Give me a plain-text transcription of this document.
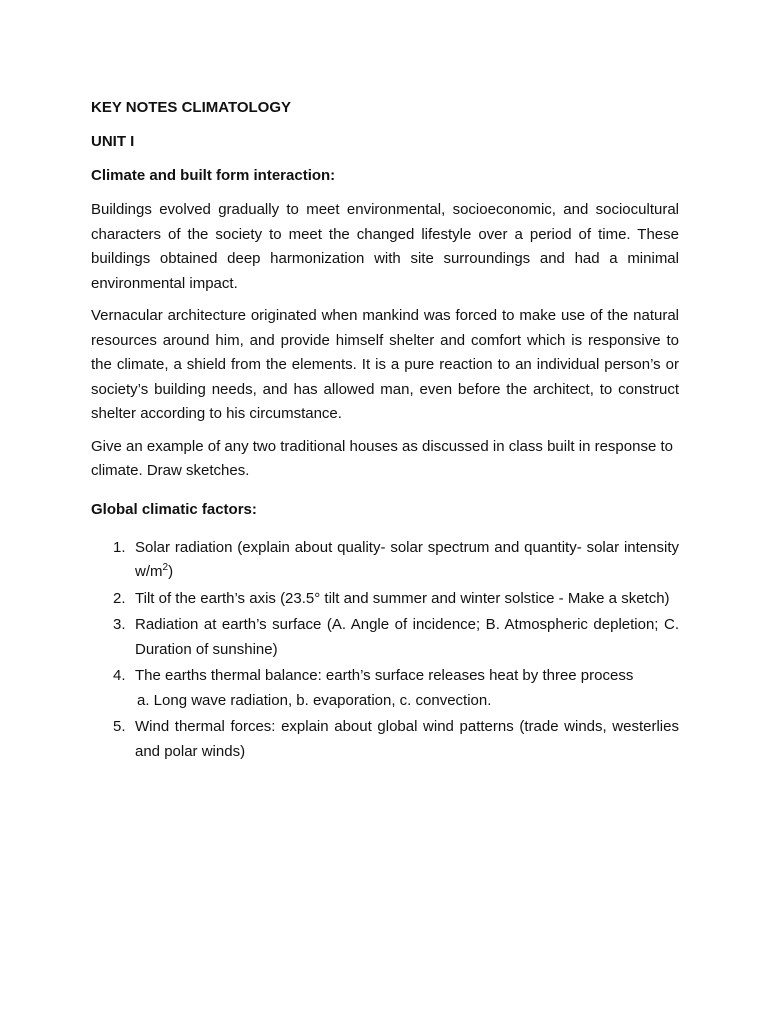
KEY NOTES CLIMATOLOGY
UNIT I
Climate and built form interaction:

Buildings evolved gradually to meet environmental, socioeconomic, and sociocultural characters of the society to meet the changed lifestyle over a period of time. These buildings obtained deep harmonization with site surroundings and had a minimal environmental impact.

Vernacular architecture originated when mankind was forced to make use of the natural resources around him, and provide himself shelter and comfort which is responsive to the climate, a shield from the elements. It is a pure reaction to an individual person’s or society’s building needs, and has allowed man, even before the architect, to construct shelter according to his circumstance.

Give an example of any two traditional houses as discussed in class built in response to climate. Draw sketches.

Global climatic factors:
1. Solar radiation (explain about quality- solar spectrum and quantity- solar intensity $w/m^2$)
2. Tilt of the earth’s axis (23.5° tilt and summer and winter solstice - Make a sketch)
3. Radiation at earth’s surface (A. Angle of incidence; B. Atmospheric depletion; C. Duration of sunshine)
4. The earths thermal balance: earth’s surface releases heat by three process
a. Long wave radiation, b. evaporation, c. convection.
5. Wind thermal forces: explain about global wind patterns (trade winds, westerlies and polar winds)
